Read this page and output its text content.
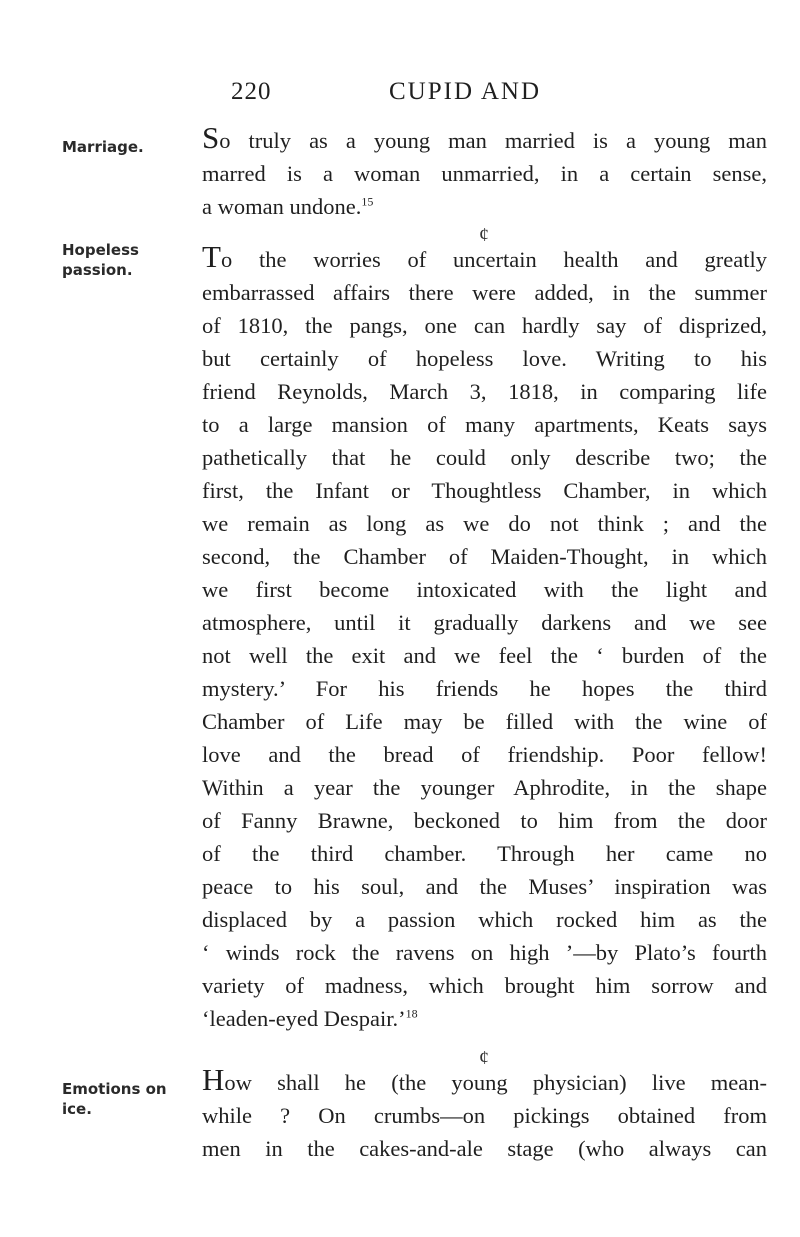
220	CUPID AND
Marriage.
Hopeless
passion.
Emotions on
ice.
So truly as a young man married is a young man
marred is a woman unmarried, in a certain sense,
a woman undone.$^{15}$
¢
To the worries of uncertain health and greatly
embarrassed affairs there were added, in the summer
of 1810, the pangs, one can hardly say of disprized,
but certainly of hopeless love. Writing to his
friend Reynolds, March 3, 1818, in comparing life
to a large mansion of many apartments, Keats says
pathetically that he could only describe two; the
first, the Infant or Thoughtless Chamber, in which
we remain as long as we do not think ; and the
second, the Chamber of Maiden-Thought, in which
we first become intoxicated with the light and
atmosphere, until it gradually darkens and we see
not well the exit and we feel the ‘ burden of the
mystery.’ For his friends he hopes the third
Chamber of Life may be filled with the wine of
love and the bread of friendship. Poor fellow!
Within a year the younger Aphrodite, in the shape
of Fanny Brawne, beckoned to him from the door
of the third chamber. Through her came no
peace to his soul, and the Muses’ inspiration was
displaced by a passion which rocked him as the
‘ winds rock the ravens on high ’—by Plato’s fourth
variety of madness, which brought him sorrow and
‘leaden-eyed Despair.’$^{18}$
¢
How shall he (the young physician) live mean-
while ? On crumbs—on pickings obtained from
men in the cakes-and-ale stage (who always can
